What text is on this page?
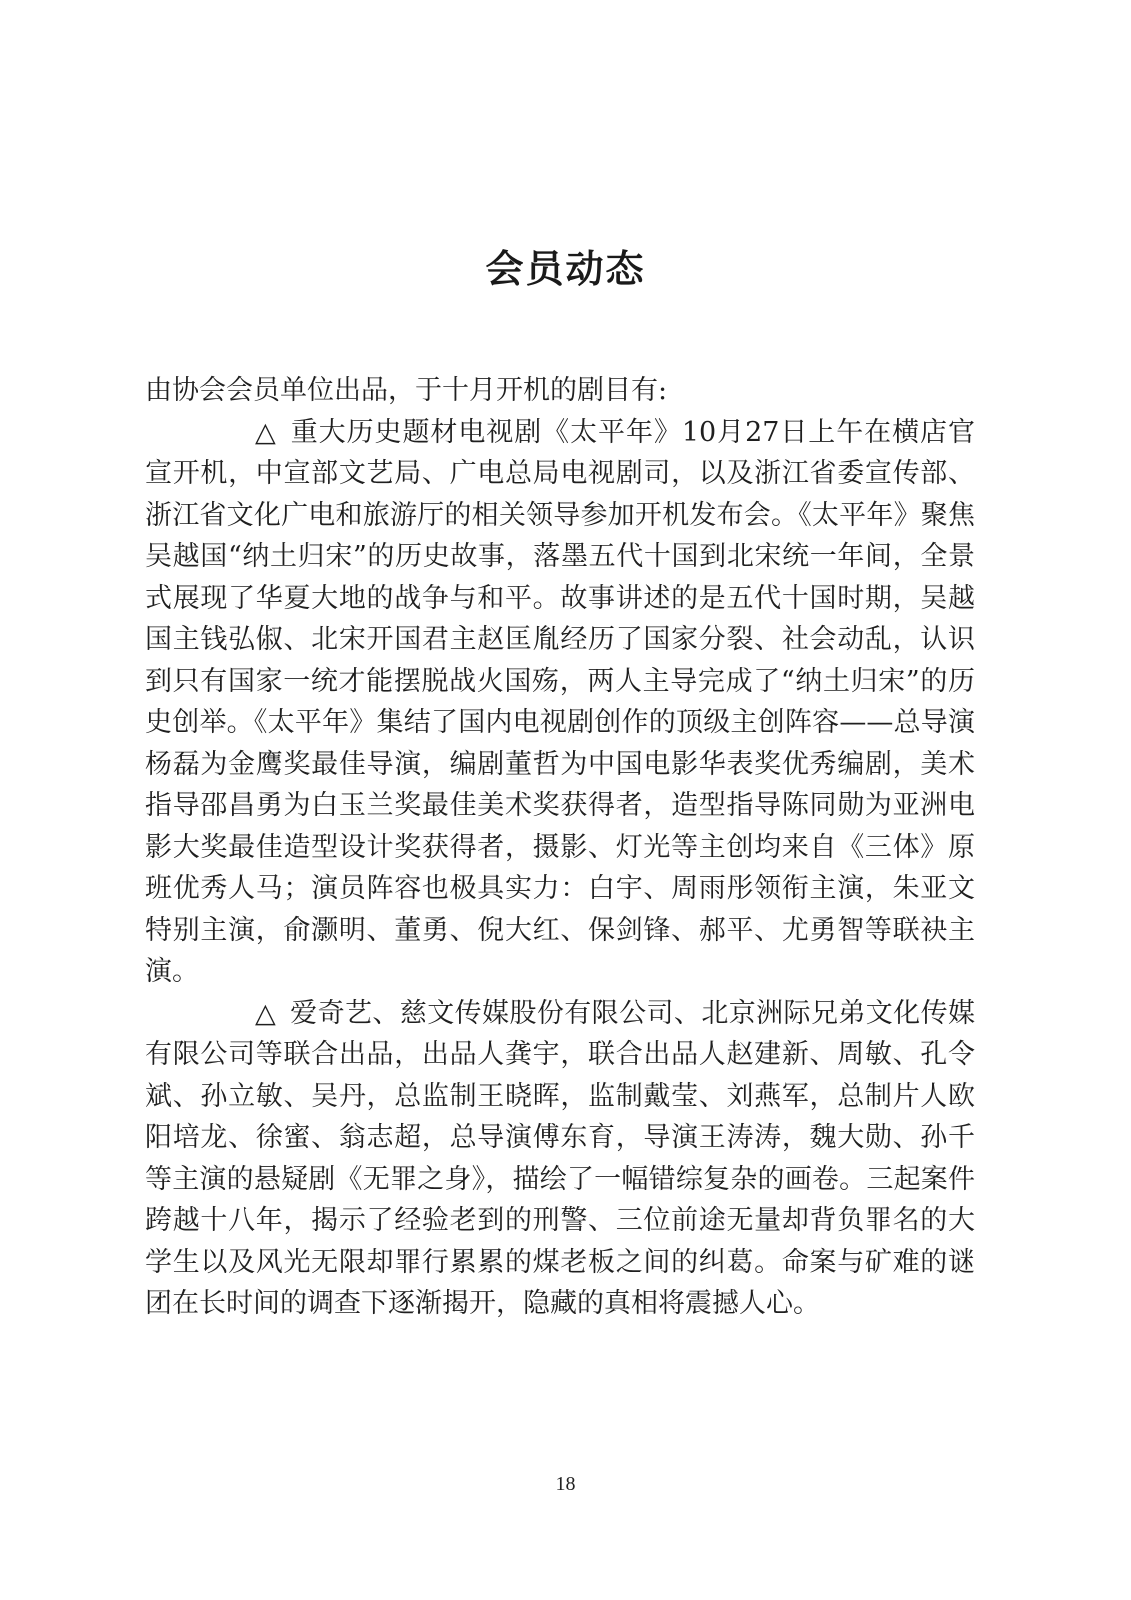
会员动态

由协会会员单位出品，于十月开机的剧目有:

△ 重大历史题材电视剧《太平年》10月27日上午在横店官宣开机，中宣部文艺局、广电总局电视剧司，以及浙江省委宣传部、浙江省文化广电和旅游厅的相关领导参加开机发布会。《太平年》聚焦吴越国“纳土归宋”的历史故事，落墨五代十国到北宋统一年间，全景式展现了华夏大地的战争与和平。故事讲述的是五代十国时期，吴越国主钱弘俶、北宋开国君主赵匡胤经历了国家分裂、社会动乱，认识到只有国家一统才能摆脱战火国殇，两人主导完成了“纳土归宋”的历史创举。《太平年》集结了国内电视剧创作的顶级主创阵容——总导演杨磊为金鹰奖最佳导演，编剧董哲为中国电影华表奖优秀编剧，美术指导邵昌勇为白玉兰奖最佳美术奖获得者，造型指导陈同勋为亚洲电影大奖最佳造型设计奖获得者，摄影、灯光等主创均来自《三体》原班优秀人马；演员阵容也极具实力：白宇、周雨彤领衔主演，朱亚文特别主演，俞灏明、董勇、倪大红、保剑锋、郝平、尤勇智等联袂主演。

△ 爱奇艺、慈文传媒股份有限公司、北京洲际兄弟文化传媒有限公司等联合出品，出品人龚宇，联合出品人赵建新、周敏、孔令斌、孙立敏、吴丹，总监制王晓晖，监制戴莹、刘燕军，总制片人欧阳培龙、徐蜜、翁志超，总导演傅东育，导演王涛涛，魏大勋、孙千等主演的悬疑剧《无罪之身》，描绘了一幅错综复杂的画卷。三起案件跨越十八年，揭示了经验老到的刑警、三位前途无量却背负罪名的大学生以及风光无限却罪行累累的煤老板之间的纠葛。命案与矿难的谜团在长时间的调查下逐渐揭开，隐藏的真相将震撼人心。

18
